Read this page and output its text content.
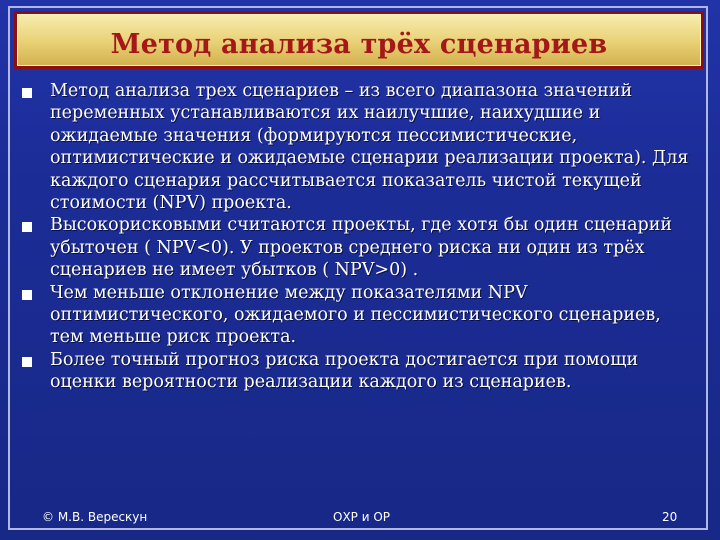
Метод анализа трёх сценариев
Метод анализа трех сценариев – из всего диапазона значений переменных устанавливаются их наилучшие, наихудшие и ожидаемые значения (формируются пессимистические, оптимистические и ожидаемые сценарии реализации проекта). Для каждого сценария рассчитывается показатель чистой текущей стоимости (NPV) проекта.
Высокорисковыми считаются проекты, где хотя бы один сценарий убыточен ( NPV<0). У проектов среднего риска ни один из трёх сценариев не имеет убытков ( NPV>0) .
Чем меньше отклонение между показателями NPV оптимистического, ожидаемого и пессимистического сценариев, тем меньше риск проекта.
Более точный прогноз риска проекта достигается при помощи оценки вероятности реализации каждого из сценариев.
© М.В. Верескун	ОХР и ОР	20
